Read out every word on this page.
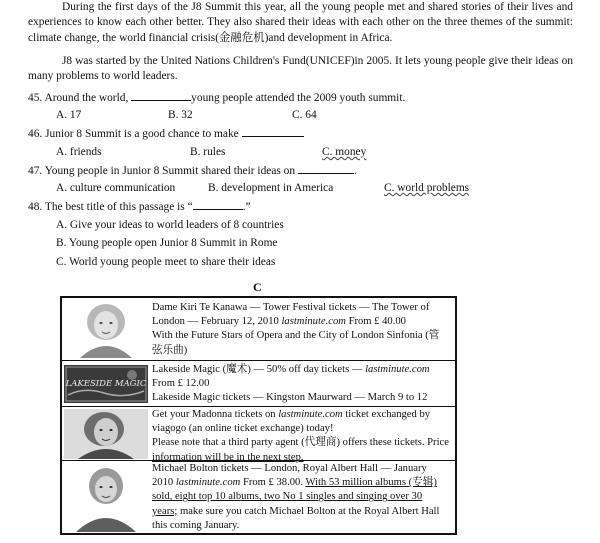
During the first days of the J8 Summit this year, all the young people met and shared stories of their lives and experiences to know each other better. They also shared their ideas with each other on the three themes of the summit: climate change, the world financial crisis(金融危机)and development in Africa.
J8 was started by the United Nations Children's Fund(UNICEF)in 2005. It lets young people give their ideas on many problems to world leaders.
45. Around the world,	young people attended the 2009 youth summit.
A. 17	B. 32	C. 64
46. Junior 8 Summit is a good chance to make
A. friends	B. rules	C. money
47. Young people in Junior 8 Summit shared their ideas on	.
A. culture communication	B. development in America	C. world problems
48. The best title of this passage is “	.”
A. Give your ideas to world leaders of 8 countries
B. Young people open Junior 8 Summit in Rome
C. World young people meet to share their ideas
C
Dame Kiri Te Kanawa — Tower Festival tickets — The Tower of
London — February 12, 2010 lastminute.com From £ 40.00
With the Future Stars of Opera and the City of London Sinfonia (管
弦乐曲)
LAKESIDE MAGIC
Lakeside Magic (魔术) — 50% off day tickets — lastminute.com
From £ 12.00
Lakeside Magic tickets — Kingston Maurward — March 9 to 12
Get your Madonna tickets on lastminute.com ticket exchanged by
viagogo (an online ticket exchange) today!
Please note that a third party agent (代理商) offers these tickets. Price
information will be in the next step.
Michael Bolton tickets — London, Royal Albert Hall — January
2010 lastminute.com From £ 38.00. With 53 million albums (专辑)
sold, eight top 10 albums, two No 1 singles and singing over 30
years; make sure you catch Michael Bolton at the Royal Albert Hall
this coming January.
